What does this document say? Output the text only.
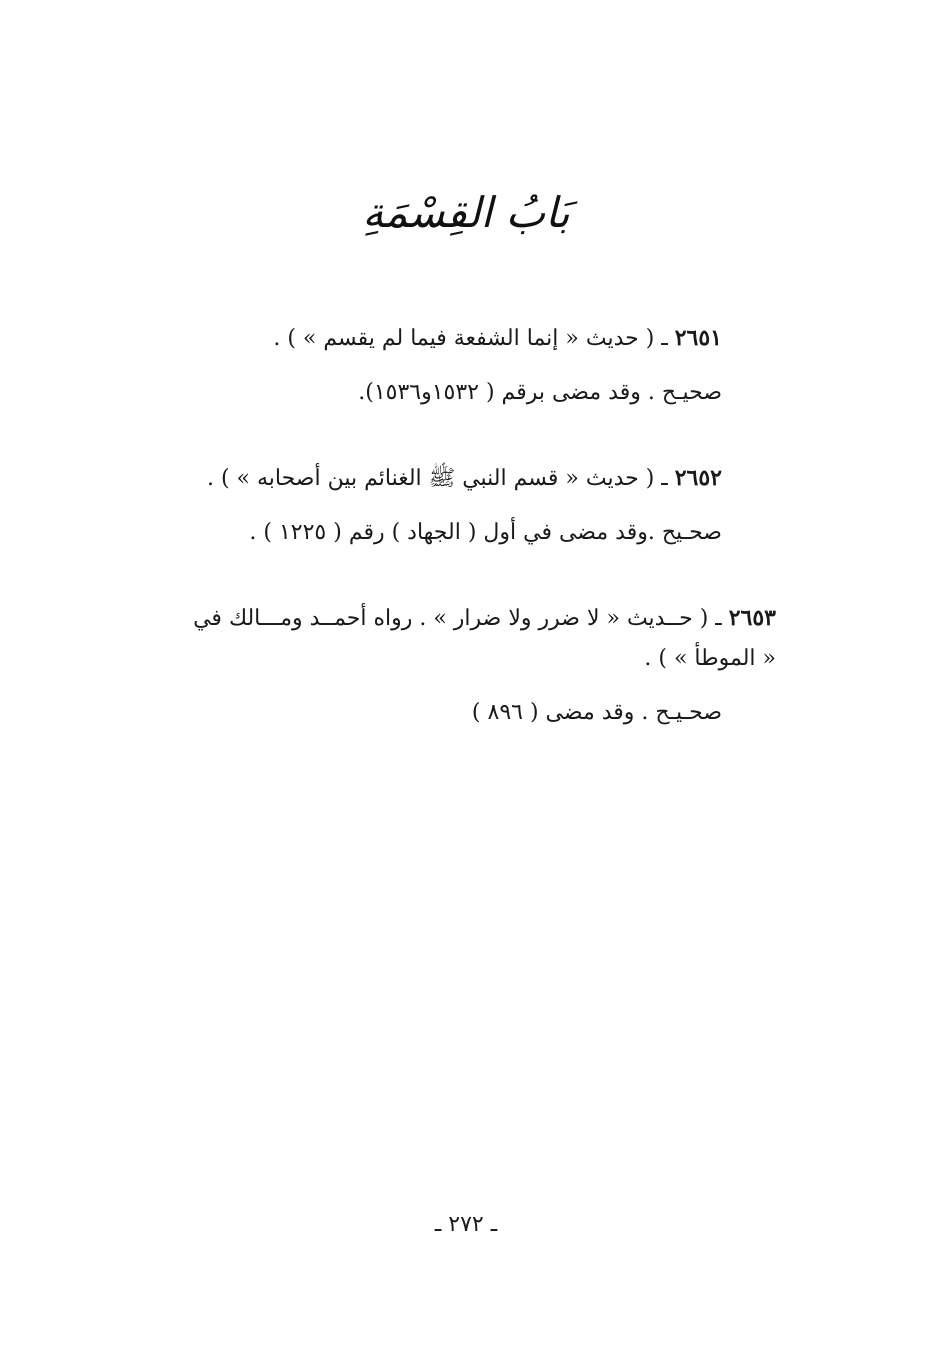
بَابُ القِسْمَةِ
٢٦٥١ ـ ( حديث « إنما الشفعة فيما لم يقسم » ) .
صحيـح . وقد مضى برقم ( ١٥٣٢و١٥٣٦).
٢٦٥٢ ـ ( حديث « قسم النبي ﷺ الغنائم بين أصحابه » ) .
صحـيح .وقد مضى في أول ( الجهاد ) رقم ( ١٢٢٥ ) .
٢٦٥٣ ـ ( حــديث « لا ضرر ولا ضرار » . رواه أحمــد ومـــالك في
« الموطأ » ) .
صحـيـح . وقد مضى ( ٨٩٦ )
ـ ٢٧٢ ـ
